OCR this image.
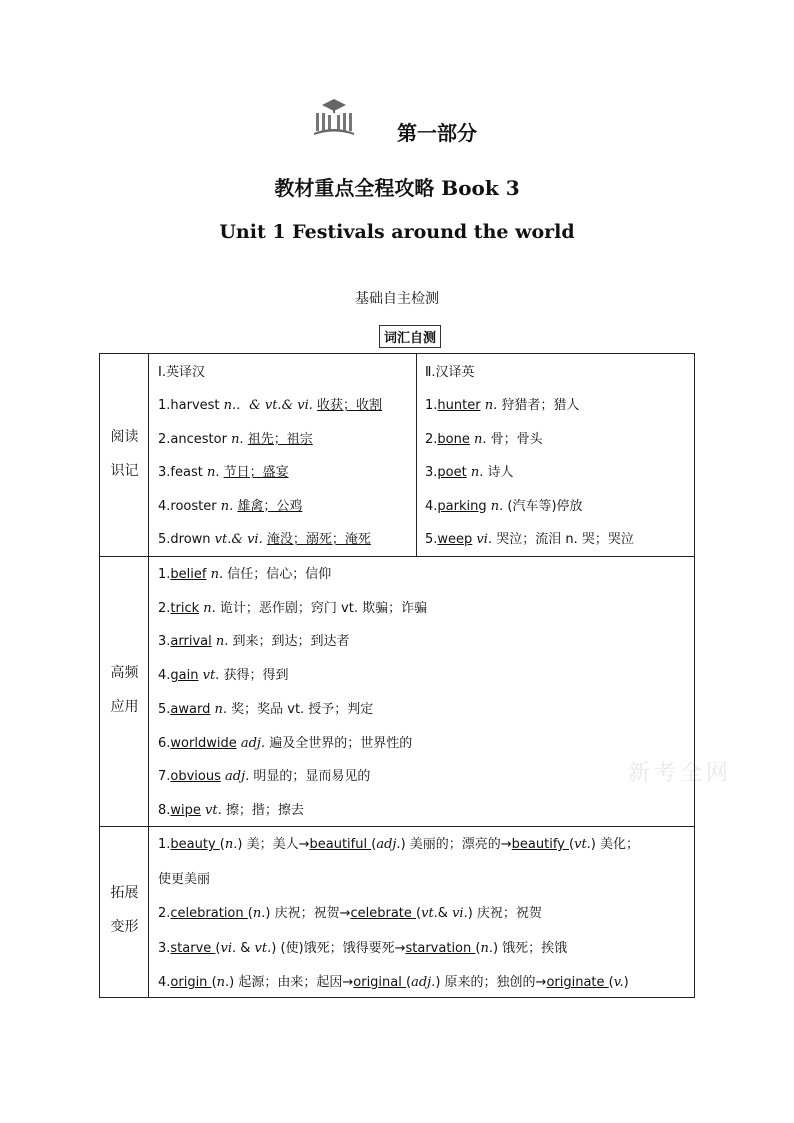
第一部分
教材重点全程攻略 Book 3
Unit 1 Festivals around the world
基础自主检测
词汇自测
新考全网
阅读
识记
Ⅰ.英译汉	Ⅱ.汉译英
1.harvest n.．& vt.& vi. 收获；收割
2.ancestor n. 祖先；祖宗
3.feast n. 节日；盛宴
4.rooster n. 雄禽；公鸡
5.drown vt.& vi. 淹没；溺死；淹死
1.hunter n. 狩猎者；猎人
2.bone n. 骨；骨头
3.poet n. 诗人
4.parking n. (汽车等)停放
5.weep vi. 哭泣；流泪 n. 哭；哭泣
高频
应用
1.belief n. 信任；信心；信仰
2.trick n. 诡计；恶作剧；窍门 vt. 欺骗；诈骗
3.arrival n. 到来；到达；到达者
4.gain vt. 获得；得到
5.award n. 奖；奖品 vt. 授予；判定
6.worldwide adj. 遍及全世界的；世界性的
7.obvious adj. 明显的；显而易见的
8.wipe vt. 擦；揩；擦去
拓展
变形
1.beauty (n.) 美；美人→beautiful (adj.) 美丽的；漂亮的→beautify (vt.) 美化；
使更美丽
2.celebration (n.) 庆祝；祝贺→celebrate (vt.& vi.) 庆祝；祝贺
3.starve (vi. & vt.) (使)饿死；饿得要死→starvation (n.) 饿死；挨饿
4.origin (n.) 起源；由来；起因→original (adj.) 原来的；独创的→originate (v.)
